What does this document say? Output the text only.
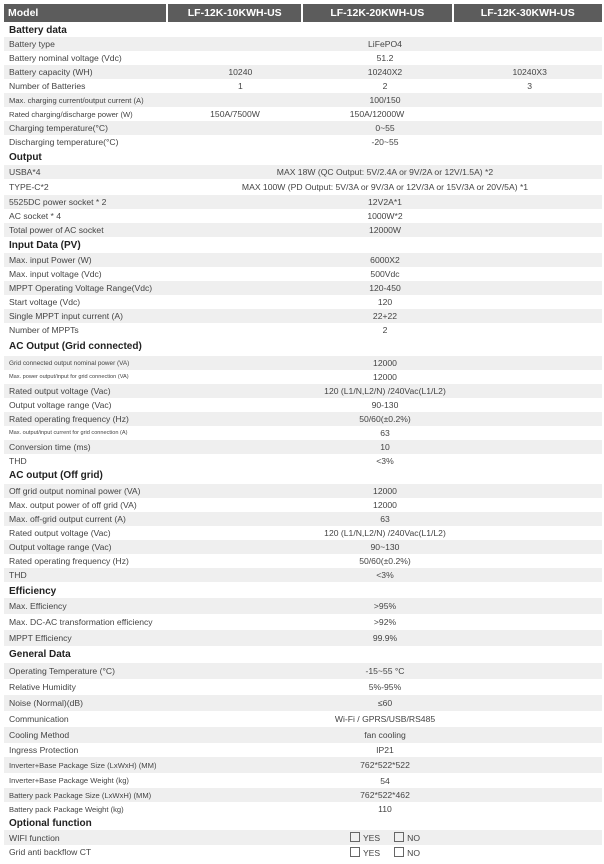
Model	LF-12K-10KWH-US	LF-12K-20KWH-US	LF-12K-30KWH-US
Battery data
Battery type	LiFePO4
Battery nominal voltage (Vdc)	51.2
Battery capacity (WH)	10240	10240X2	10240X3
Number of Batteries	1	2	3
Max. charging current/output current (A)	100/150
Rated charging/discharge power (W)	150A/7500W	150A/12000W
Charging temperature(°C)	0~55
Discharging temperature(°C)	-20~55
Output
USBA*4	MAX 18W (QC Output: 5V/2.4A or 9V/2A or 12V/1.5A) *2
TYPE-C*2	MAX 100W (PD Output: 5V/3A or 9V/3A or 12V/3A or 15V/3A or 20V/5A) *1
5525DC power socket * 2	12V2A*1
AC socket * 4	1000W*2
Total power of AC socket	12000W
Input Data (PV)
Max. input Power (W)	6000X2
Max. input voltage (Vdc)	500Vdc
MPPT Operating Voltage Range(Vdc)	120-450
Start voltage (Vdc)	120
Single MPPT input current (A)	22+22
Number of MPPTs	2
AC Output (Grid connected)
Grid connected output nominal power (VA)	12000
Max. power output/input for grid connection (VA)	12000
Rated output voltage (Vac)	120 (L1/N,L2/N) /240Vac(L1/L2)
Output voltage range (Vac)	90-130
Rated operating frequency (Hz)	50/60(±0.2%)
Max. output/input current for grid connection (A)	63
Conversion time (ms)	10
THD	<3%
AC output (Off grid)
Off grid output nominal power (VA)	12000
Max. output power of off grid (VA)	12000
Max. off-grid output current (A)	63
Rated output voltage (Vac)	120 (L1/N,L2/N) /240Vac(L1/L2)
Output voltage range (Vac)	90~130
Rated operating frequency (Hz)	50/60(±0.2%)
THD	<3%
Efficiency
Max. Efficiency	>95%
Max. DC-AC transformation efficiency	>92%
MPPT Efficiency	99.9%
General Data
Operating Temperature (°C)	-15~55 °C
Relative Humidity	5%-95%
Noise (Normal)(dB)	≤60
Communication	Wi-Fi / GPRS/USB/RS485
Cooling Method	fan cooling
Ingress Protection	IP21
Inverter+Base Package Size (LxWxH) (MM)	762*522*522
Inverter+Base Package Weight (kg)	54
Battery pack Package Size (LxWxH) (MM)	762*522*462
Battery pack Package Weight (kg)	110
Optional function
WIFI function	YES	NO
Grid anti backflow CT	YES	NO
